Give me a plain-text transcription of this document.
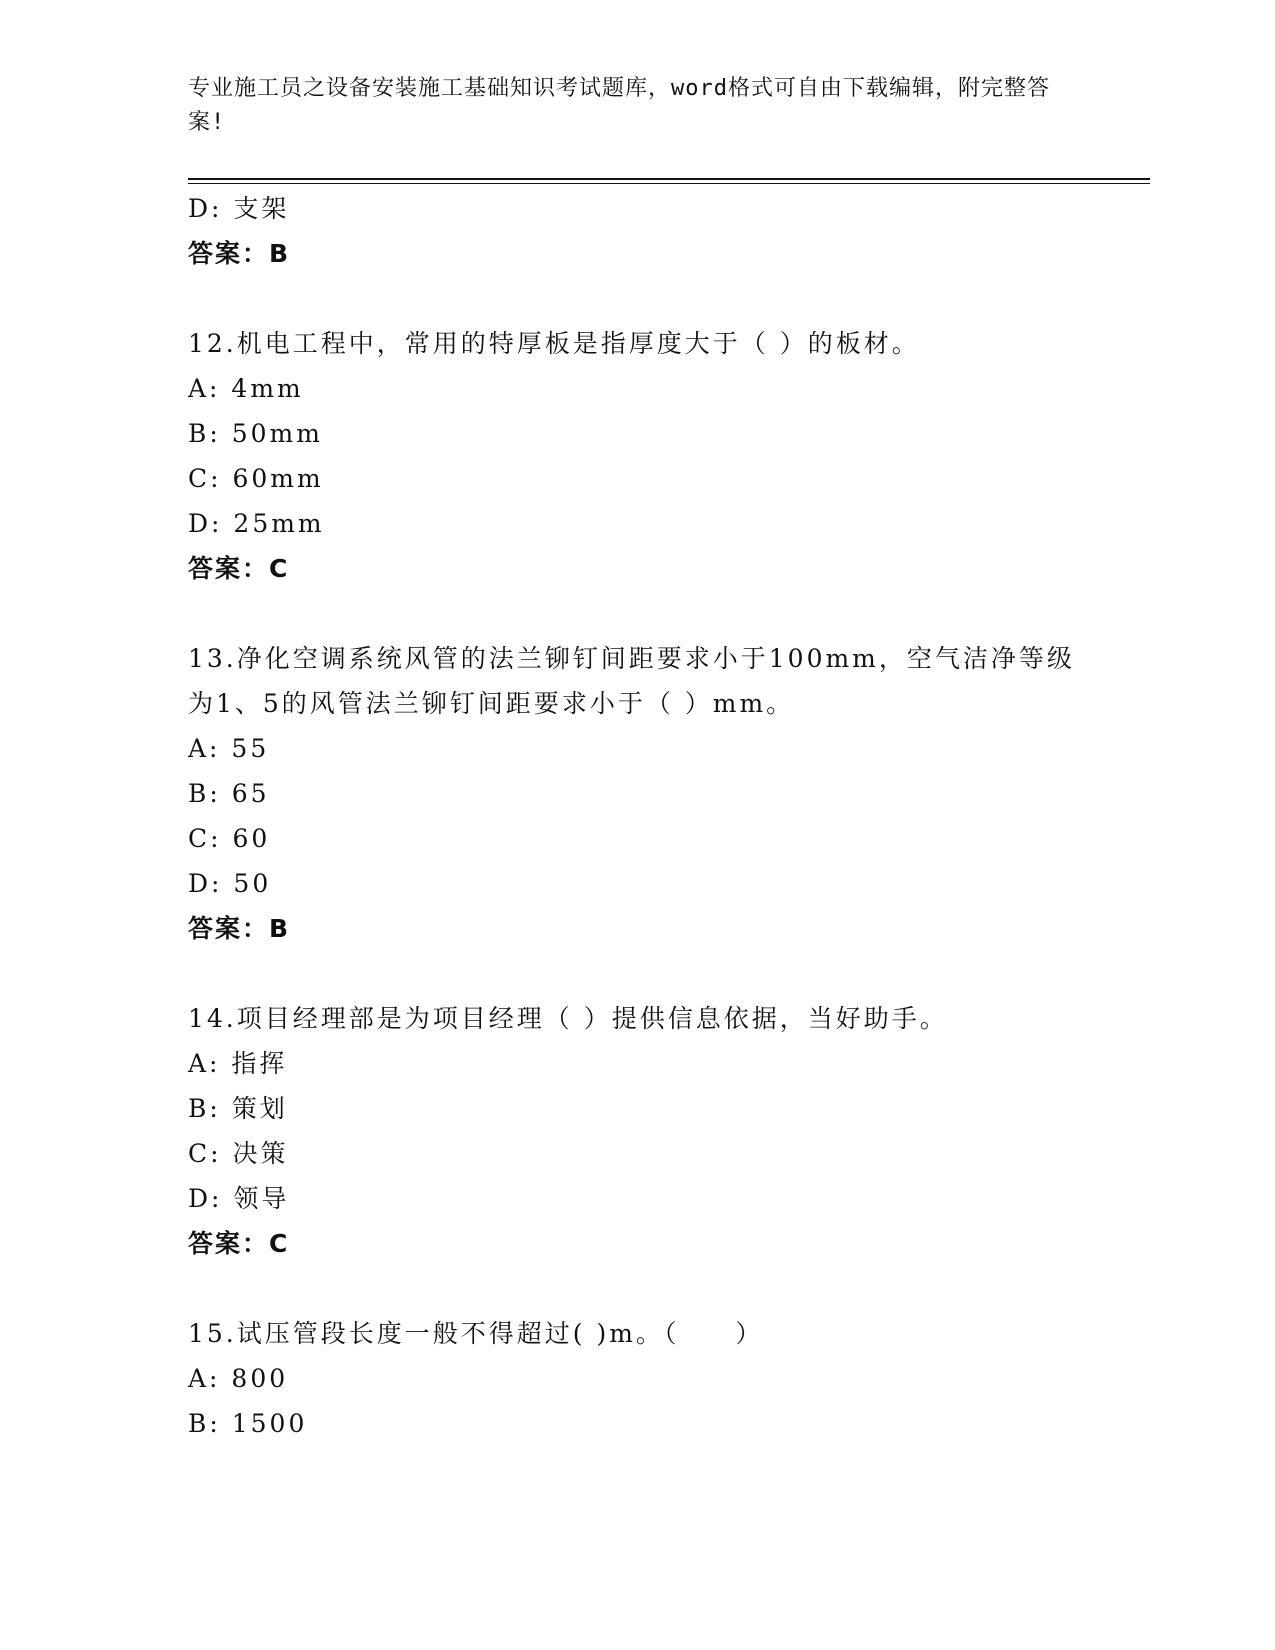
专业施工员之设备安装施工基础知识考试题库，word格式可自由下载编辑，附完整答案!
D: 支架
答案：B
12.机电工程中，常用的特厚板是指厚度大于（ ）的板材。
A: 4mm
B: 50mm
C: 60mm
D: 25mm
答案：C
13.净化空调系统风管的法兰铆钉间距要求小于100mm，空气洁净等级为1、5的风管法兰铆钉间距要求小于（ ）mm。
A: 55
B: 65
C: 60
D: 50
答案：B
14.项目经理部是为项目经理（ ）提供信息依据，当好助手。
A: 指挥
B: 策划
C: 决策
D: 领导
答案：C
15.试压管段长度一般不得超过( )m。（　　）
A: 800
B: 1500
